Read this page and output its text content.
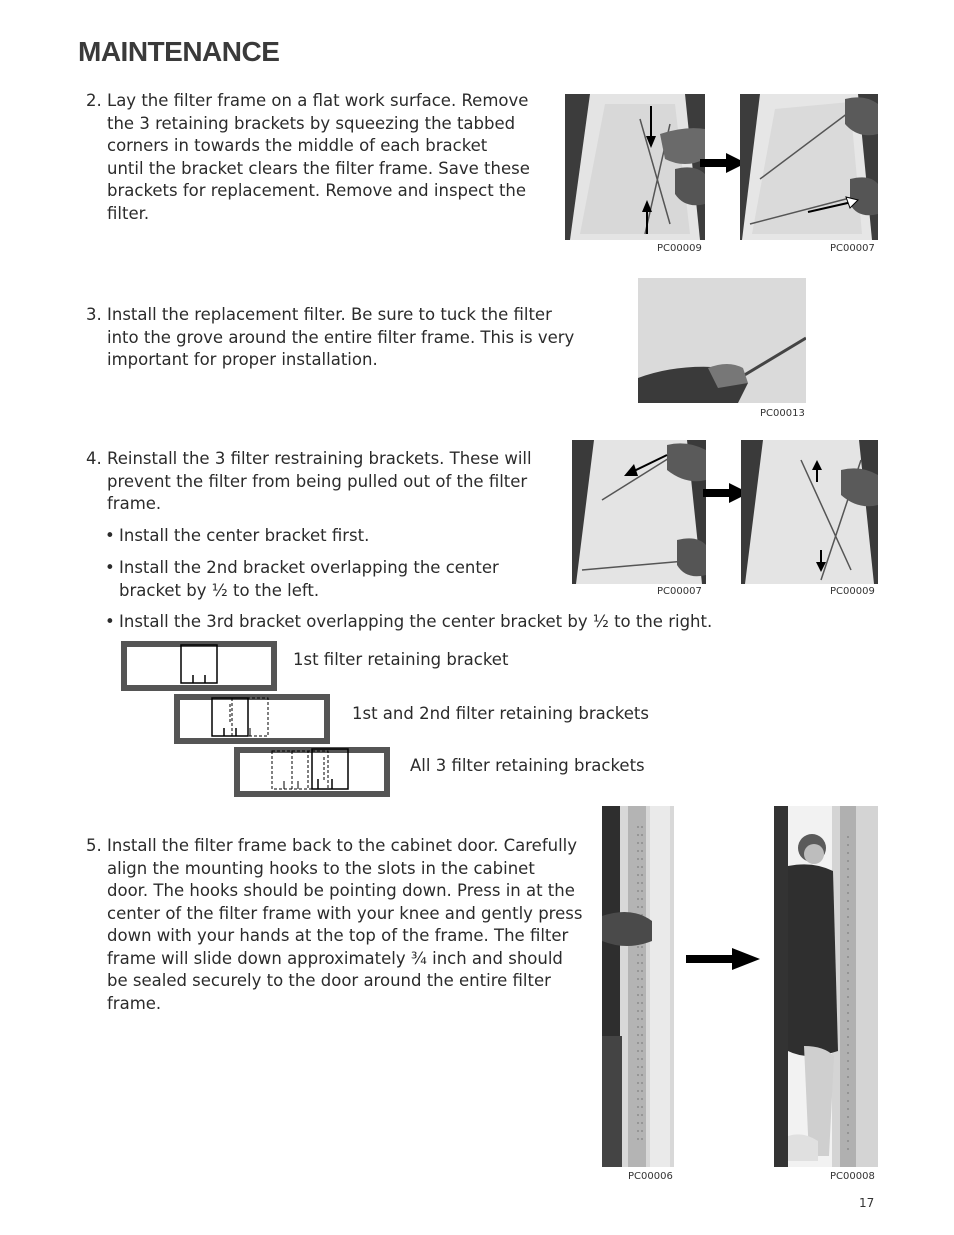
MAINTENANCE
2. Lay the filter frame on a flat work surface. Remove
the 3 retaining brackets by squeezing the tabbed
corners in towards the middle of each bracket
until the bracket clears the filter frame. Save these
brackets for replacement. Remove and inspect the
filter.
PC00009	PC00007
3. Install the replacement filter. Be sure to tuck the filter
into the grove around the entire filter frame. This is very
important for proper installation.
PC00013
4. Reinstall the 3 filter restraining brackets. These will
prevent the filter from being pulled out of the filter
frame.
• Install the center bracket first.
• Install the 2nd bracket overlapping the center
bracket by ½ to the left.
• Install the 3rd bracket overlapping the center bracket by ½ to the right.
PC00007	PC00009
1st filter retaining bracket
1st and 2nd filter retaining brackets
All 3 filter retaining brackets
5. Install the filter frame back to the cabinet door. Carefully
align the mounting hooks to the slots in the cabinet
door. The hooks should be pointing down. Press in at the
center of the filter frame with your knee and gently press
down with your hands at the top of the frame. The filter
frame will slide down approximately ¾ inch and should
be sealed securely to the door around the entire filter
frame.
PC00006	PC00008
17
